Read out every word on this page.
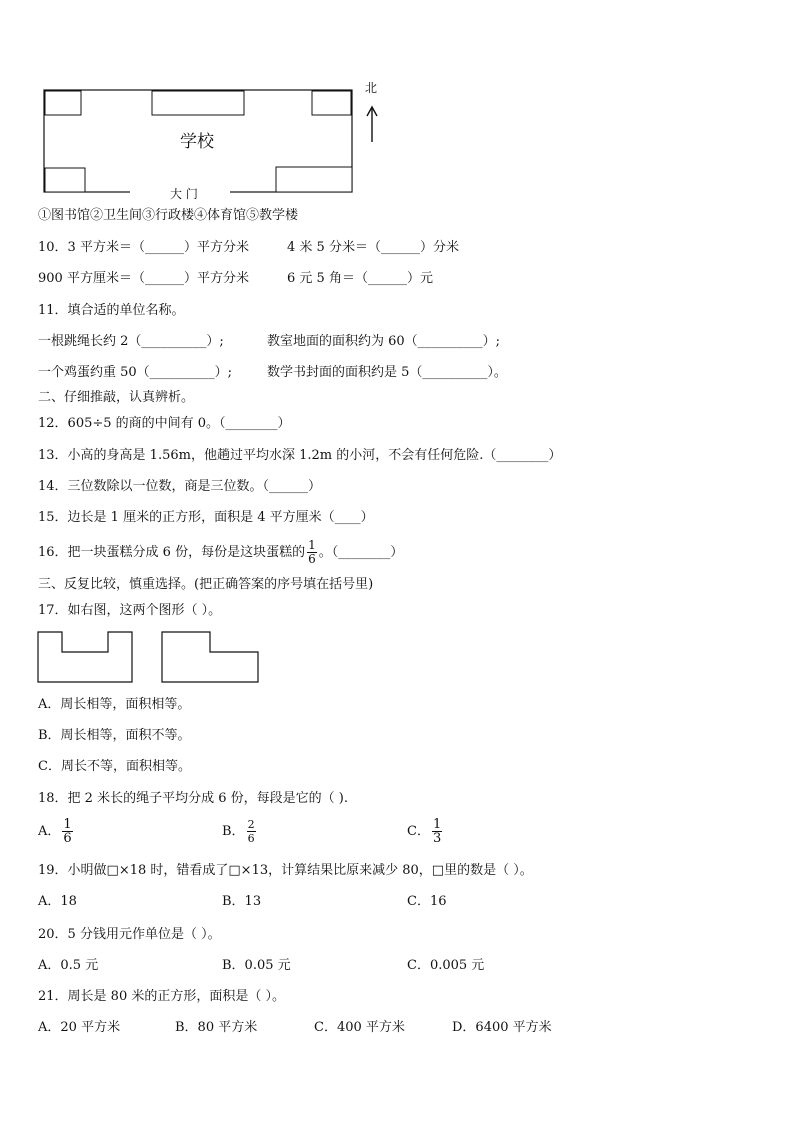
学校
大 门
北
①图书馆②卫生间③行政楼④体育馆⑤教学楼
10．3 平方米＝（______）平方分米	4 米 5 分米＝（______）分米
900 平方厘米＝（______）平方分米	6 元 5 角＝（______）元
11．填合适的单位名称。
一根跳绳长约 2（__________）;	教室地面的面积约为 60（__________）;
一个鸡蛋约重 50（__________）;	数学书封面的面积约是 5（__________）。
二、仔细推敲，认真辨析。
12．605÷5 的商的中间有 0。（________）
13．小高的身高是 1.56m，他趟过平均水深 1.2m 的小河，不会有任何危险.（________）
14．三位数除以一位数，商是三位数。（______）
15．边长是 1 厘米的正方形，面积是 4 平方厘米（____）
16．把一块蛋糕分成 6 份，每份是这块蛋糕的 $\frac{1}{6}$ 。（________）
三、反复比较，慎重选择。(把正确答案的序号填在括号里)
17．如右图，这两个图形（ ）。
A．周长相等，面积相等。
B．周长相等，面积不等。
C．周长不等，面积相等。
18．把 2 米长的绳子平均分成 6 份，每段是它的（ ).
A． $\frac{1}{6}$	B． $\frac{2}{6}$	C． $\frac{1}{3}$
19．小明做□×18 时，错看成了□×13，计算结果比原来减少 80，□里的数是（ ）。
A．18	B．13	C．16
20．5 分钱用元作单位是（ ）。
A．0.5 元	B．0.05 元	C．0.005 元
21．周长是 80 米的正方形，面积是（ ）。
A．20 平方米	B．80 平方米	C．400 平方米	D．6400 平方米
